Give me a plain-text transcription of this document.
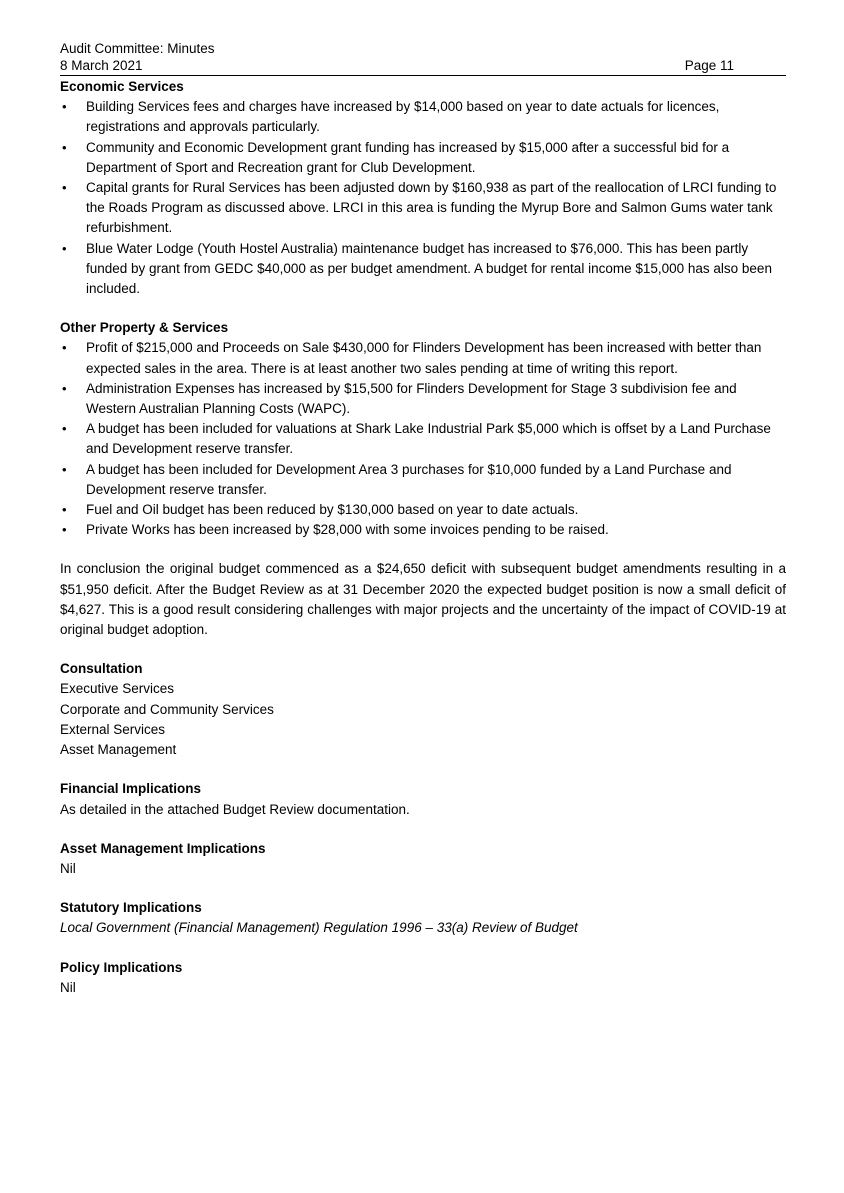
Audit Committee: Minutes
8 March 2021	Page 11
Economic Services
• Building Services fees and charges have increased by $14,000 based on year to date actuals for licences, registrations and approvals particularly.
• Community and Economic Development grant funding has increased by $15,000 after a successful bid for a Department of Sport and Recreation grant for Club Development.
• Capital grants for Rural Services has been adjusted down by $160,938 as part of the reallocation of LRCI funding to the Roads Program as discussed above. LRCI in this area is funding the Myrup Bore and Salmon Gums water tank refurbishment.
• Blue Water Lodge (Youth Hostel Australia) maintenance budget has increased to $76,000. This has been partly funded by grant from GEDC $40,000 as per budget amendment. A budget for rental income $15,000 has also been included.
Other Property & Services
• Profit of $215,000 and Proceeds on Sale $430,000 for Flinders Development has been increased with better than expected sales in the area. There is at least another two sales pending at time of writing this report.
• Administration Expenses has increased by $15,500 for Flinders Development for Stage 3 subdivision fee and Western Australian Planning Costs (WAPC).
• A budget has been included for valuations at Shark Lake Industrial Park $5,000 which is offset by a Land Purchase and Development reserve transfer.
• A budget has been included for Development Area 3 purchases for $10,000 funded by a Land Purchase and Development reserve transfer.
• Fuel and Oil budget has been reduced by $130,000 based on year to date actuals.
• Private Works has been increased by $28,000 with some invoices pending to be raised.

In conclusion the original budget commenced as a $24,650 deficit with subsequent budget amendments resulting in a $51,950 deficit. After the Budget Review as at 31 December 2020 the expected budget position is now a small deficit of $4,627. This is a good result considering challenges with major projects and the uncertainty of the impact of COVID-19 at original budget adoption.

Consultation
Executive Services
Corporate and Community Services
External Services
Asset Management
Financial Implications
As detailed in the attached Budget Review documentation.
Asset Management Implications
Nil
Statutory Implications
Local Government (Financial Management) Regulation 1996 – 33(a) Review of Budget
Policy Implications
Nil
